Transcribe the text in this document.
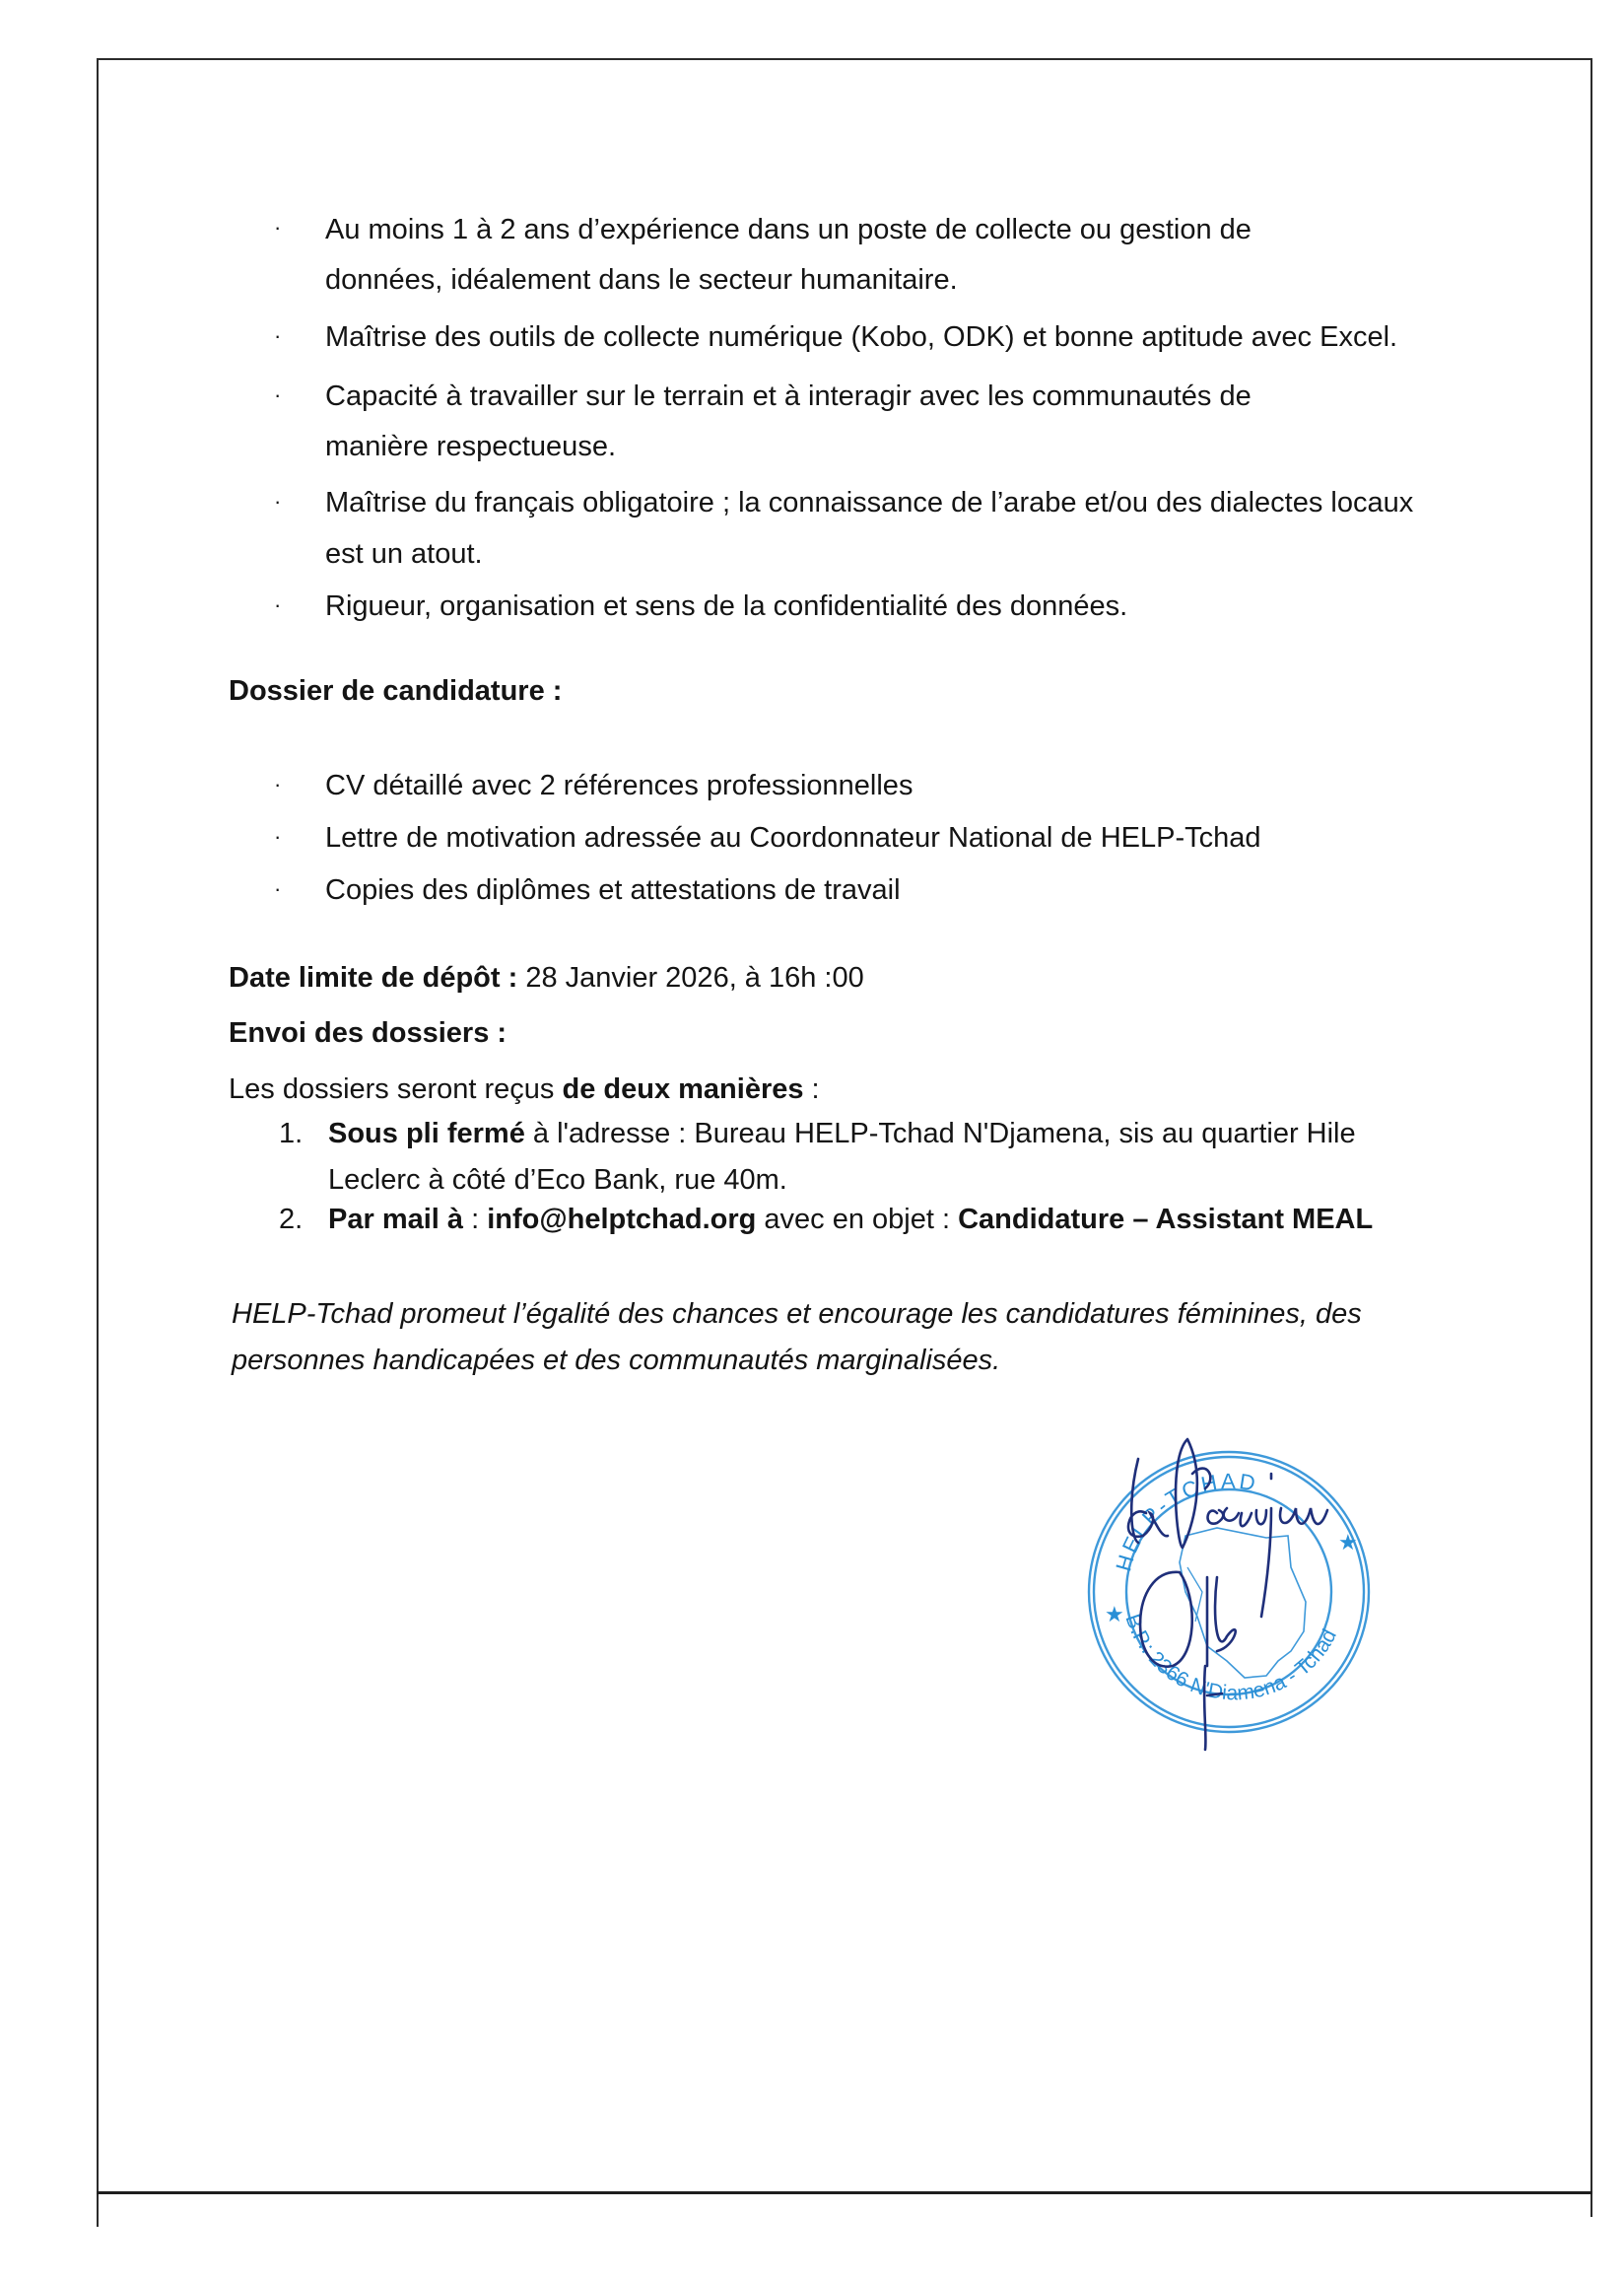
· Au moins 1 à 2 ans d’expérience dans un poste de collecte ou gestion de
données, idéalement dans le secteur humanitaire.
· Maîtrise des outils de collecte numérique (Kobo, ODK) et bonne aptitude avec Excel.
· Capacité à travailler sur le terrain et à interagir avec les communautés de
manière respectueuse.
· Maîtrise du français obligatoire ; la connaissance de l’arabe et/ou des dialectes locaux
est un atout.
· Rigueur, organisation et sens de la confidentialité des données.
Dossier de candidature :
· CV détaillé avec 2 références professionnelles
· Lettre de motivation adressée au Coordonnateur National de HELP-Tchad
· Copies des diplômes et attestations de travail
Date limite de dépôt : 28 Janvier 2026, à 16h :00
Envoi des dossiers :
Les dossiers seront reçus de deux manières :
1. Sous pli fermé à l'adresse : Bureau HELP-Tchad N'Djamena, sis au quartier Hile
Leclerc à côté d’Eco Bank, rue 40m.
2. Par mail à : info@helptchad.org avec en objet : Candidature – Assistant MEAL
HELP-Tchad promeut l’égalité des chances et encourage les candidatures féminines, des
personnes handicapées et des communautés marginalisées.
HELP-TCHAD
★
★
B.P.: 2366 N'Diamena - Tchad
